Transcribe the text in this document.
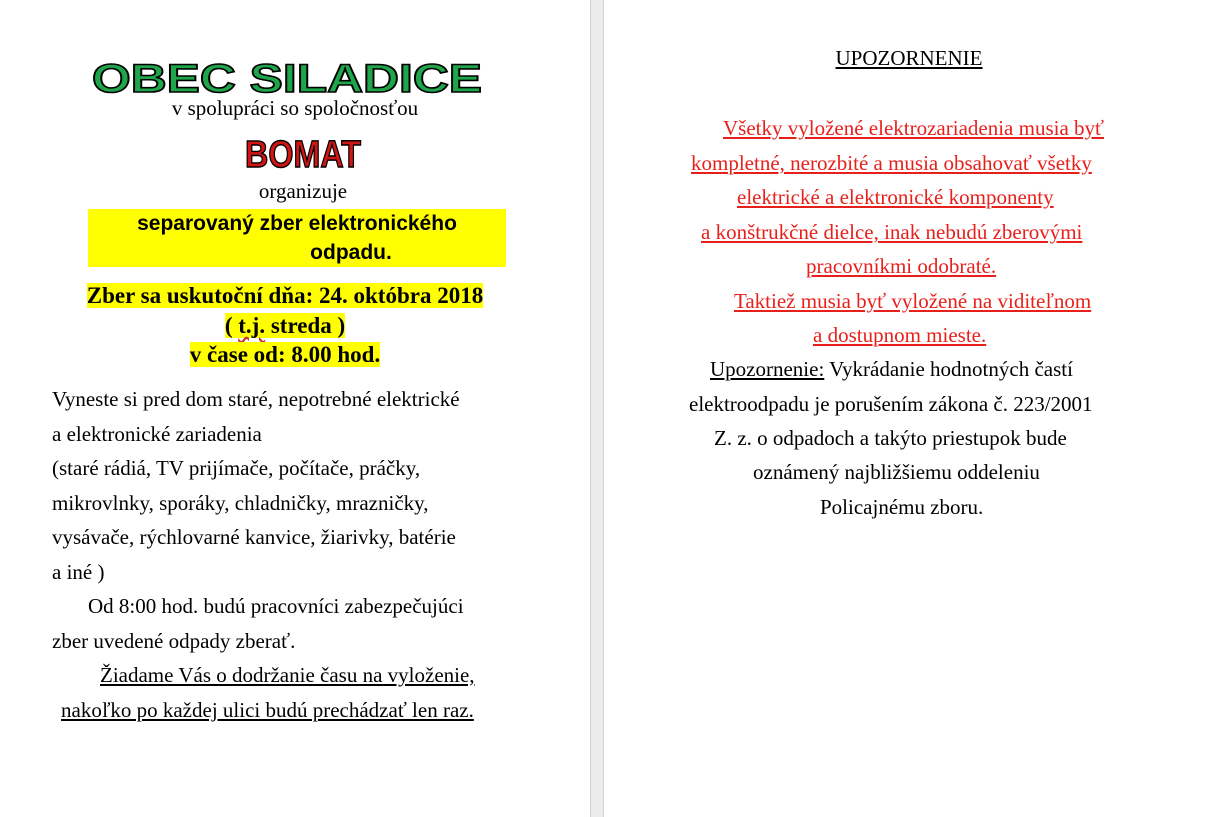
OBEC SILADICE
v spolupráci so spoločnosťou
BOMAT
organizuje
separovaný zber elektronického
odpadu.
Zber sa uskutoční dňa: 24. októbra 2018
( t.j. streda )
v čase od: 8.00 hod.
Vyneste si pred dom staré, nepotrebné elektrické
a elektronické zariadenia
(staré rádiá, TV prijímače, počítače, práčky,
mikrovlnky, sporáky, chladničky, mrazničky,
vysávače, rýchlovarné kanvice, žiarivky, batérie
a iné )
Od 8:00 hod. budú pracovníci zabezpečujúci
zber uvedené odpady zberať.
Žiadame Vás o dodržanie času na vyloženie,
nakoľko po každej ulici budú prechádzať len raz.
UPOZORNENIE
Všetky vyložené elektrozariadenia musia byť
kompletné, nerozbité a musia obsahovať všetky
elektrické a elektronické komponenty
a konštrukčné dielce, inak nebudú zberovými
pracovníkmi odobraté.
Taktiež musia byť vyložené na viditeľnom
a dostupnom mieste.
Upozornenie: Vykrádanie hodnotných častí
elektroodpadu je porušením zákona č. 223/2001
Z. z. o odpadoch a takýto priestupok bude
oznámený najbližšiemu oddeleniu
Policajnému zboru.
